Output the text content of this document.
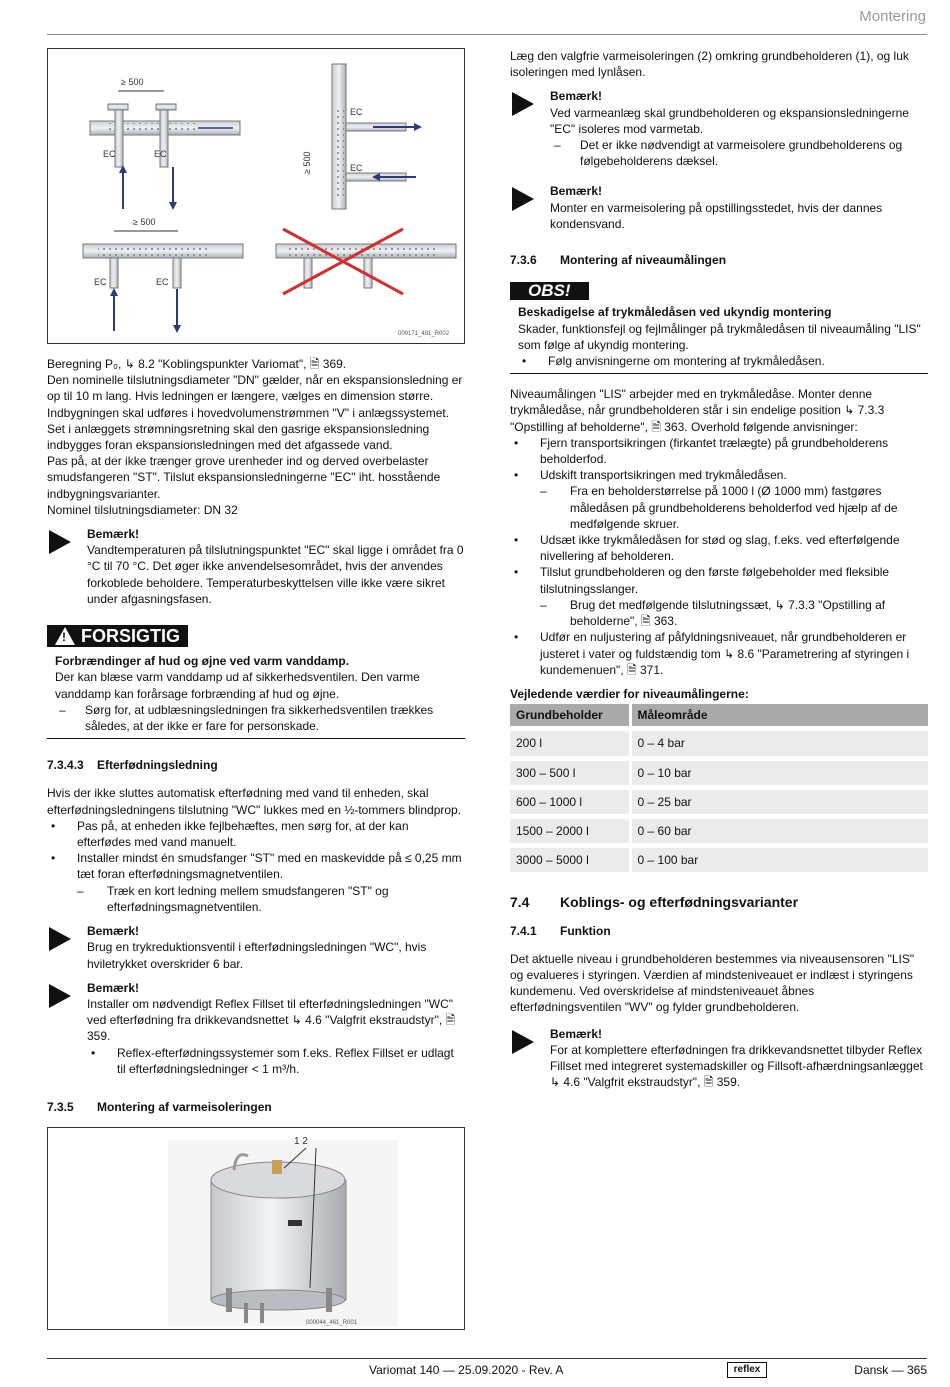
Montering
≥ 500
EC	EC
EC
EC
≥ 500
≥ 500
EC	EC
000171_481_R002

Beregning P₀, ↳ 8.2 "Koblingspunkter Variomat", 🗎 369.

Den nominelle tilslutningsdiameter "DN" gælder, når en ekspansionsledning er op til 10 m lang. Hvis ledningen er længere, vælges en dimension større.

Indbygningen skal udføres i hovedvolumenstrømmen "V" i anlægssystemet. Set i anlæggets strømningsretning skal den gasrige ekspansionsledning indbygges foran ekspansionsledningen med det afgassede vand.

Pas på, at der ikke trænger grove urenheder ind og derved overbelaster smudsfangeren "ST". Tilslut ekspansionsledningerne "EC" iht. hosstående indbygningsvarianter.

Nominel tilslutningsdiameter: DN 32

Bemærk!
Vandtemperaturen på tilslutningspunktet "EC" skal ligge i området fra 0 °C til 70 °C. Det øger ikke anvendelsesområdet, hvis der anvendes forkoblede beholdere. Temperaturbeskyttelsen ville ikke være sikret under afgasningsfasen.
!
FORSIGTIG
Forbrændinger af hud og øjne ved varm vanddamp.
Der kan blæse varm vanddamp ud af sikkerhedsventilen. Den varme vanddamp kan forårsage forbrænding af hud og øjne.
–	Sørg for, at udblæsningsledningen fra sikkerhedsventilen trækkes således, at der ikke er fare for personskade.
7.3.4.3	Efterfødningsledning

Hvis der ikke sluttes automatisk efterfødning med vand til enheden, skal efterfødningsledningens tilslutning "WC" lukkes med en ½-tommers blindprop.

•	Pas på, at enheden ikke fejlbehæftes, men sørg for, at der kan efterfødes med vand manuelt.
•	Installer mindst én smudsfanger "ST" med en maskevidde på ≤ 0,25 mm tæt foran efterfødningsmagnetventilen.
–	Træk en kort ledning mellem smudsfangeren "ST" og efterfødningsmagnetventilen.
Bemærk!
Brug en trykreduktionsventil i efterfødningsledningen "WC", hvis hviletrykket overskrider 6 bar.
Bemærk!
Installer om nødvendigt Reflex Fillset til efterfødningsledningen "WC" ved efterfødning fra drikkevandsnettet ↳ 4.6 "Valgfrit ekstraudstyr", 🗎 359.
•	Reflex-efterfødningssystemer som f.eks. Reflex Fillset er udlagt til efterfødningsledninger < 1 m³/h.
7.3.5	Montering af varmeisoleringen
1 2
000044_461_R001

Læg den valgfrie varmeisoleringen (2) omkring grundbeholderen (1), og luk isoleringen med lynlåsen.

Bemærk!
Ved varmeanlæg skal grundbeholderen og ekspansionsledningerne "EC" isoleres mod varmetab.
–	Det er ikke nødvendigt at varmeisolere grundbeholderens og følgebeholderens dæksel.
Bemærk!
Monter en varmeisolering på opstillingsstedet, hvis der dannes kondensvand.
7.3.6	Montering af niveaumålingen
OBS!
Beskadigelse af trykmåledåsen ved ukyndig montering
Skader, funktionsfejl og fejlmålinger på trykmåledåsen til niveaumåling "LIS" som følge af ukyndig montering.
•	Følg anvisningerne om montering af trykmåledåsen.

Niveaumålingen "LIS" arbejder med en trykmåledåse. Monter denne trykmåledåse, når grundbeholderen står i sin endelige position ↳ 7.3.3 "Opstilling af beholderne", 🗎 363. Overhold følgende anvisninger:

•	Fjern transportsikringen (firkantet trælægte) på grundbeholderens beholderfod.
•	Udskift transportsikringen med trykmåledåsen.
–	Fra en beholderstørrelse på 1000 l (Ø 1000 mm) fastgøres måledåsen på grundbeholderens beholderfod ved hjælp af de medfølgende skruer.
•	Udsæt ikke trykmåledåsen for stød og slag, f.eks. ved efterfølgende nivellering af beholderen.
•	Tilslut grundbeholderen og den første følgebeholder med fleksible tilslutningsslanger.
–	Brug det medfølgende tilslutningssæt, ↳ 7.3.3 "Opstilling af beholderne", 🗎 363.
•	Udfør en nuljustering af påfyldningsniveauet, når grundbeholderen er justeret i vater og fuldstændig tom ↳ 8.6 "Parametrering af styringen i kundemenuen", 🗎 371.

Vejledende værdier for niveaumålingerne:

Grundbeholder	Måleområde
200 l	0 – 4 bar
300 – 500 l	0 – 10 bar
600 – 1000 l	0 – 25 bar
1500 – 2000 l	0 – 60 bar
3000 – 5000 l	0 – 100 bar
7.4	Koblings- og efterfødningsvarianter
7.4.1	Funktion

Det aktuelle niveau i grundbeholderen bestemmes via niveausensoren "LIS" og evalueres i styringen. Værdien af mindsteniveauet er indlæst i styringens kundemenu. Ved overskridelse af mindsteniveauet åbnes efterfødningsventilen "WV" og fylder grundbeholderen.

Bemærk!
For at komplettere efterfødningen fra drikkevandsnettet tilbyder Reflex Fillset med integreret systemadskiller og Fillsoft-afhærdningsanlægget ↳ 4.6 "Valgfrit ekstraudstyr", 🗎 359.
Variomat 140 — 25.09.2020 - Rev. A	reflex	Dansk — 365
